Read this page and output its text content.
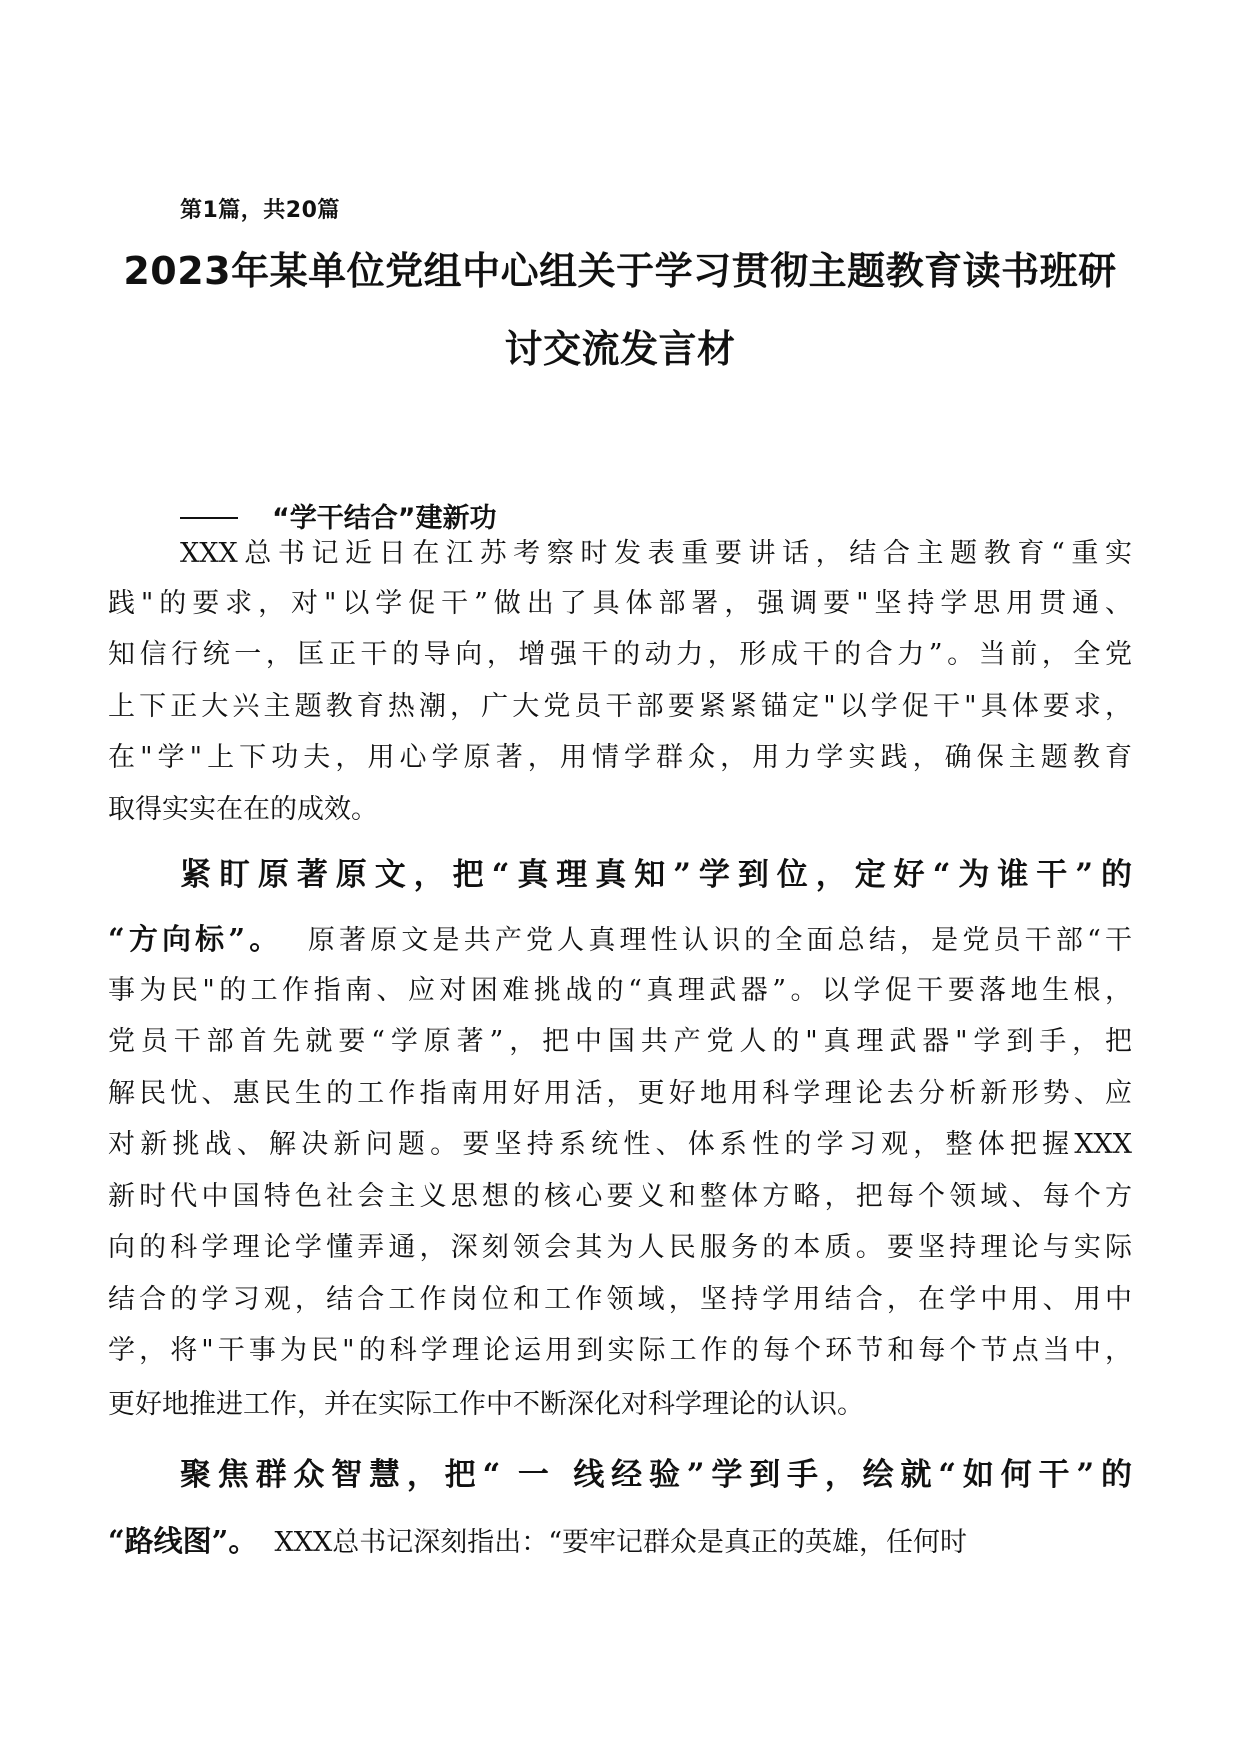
第1篇，共20篇
2023年某单位党组中心组关于学习贯彻主题教育读书班研
讨交流发言材
“学干结合”建新功
XXX总书记近日在江苏考察时发表重要讲话，结合主题教育“重实
践"的要求，对"以学促干”做出了具体部署，强调要"坚持学思用贯通、
知信行统一，匡正干的导向，增强干的动力，形成干的合力”。当前，全党
上下正大兴主题教育热潮，广大党员干部要紧紧锚定"以学促干"具体要求，
在"学"上下功夫，用心学原著，用情学群众，用力学实践，确保主题教育
取得实实在在的成效。
紧盯原著原文，把“真理真知”学到位，定好“为谁干”的
“方向标”。 原著原文是共产党人真理性认识的全面总结，是党员干部“干
事为民"的工作指南、应对困难挑战的“真理武器”。以学促干要落地生根，
党员干部首先就要“学原著”，把中国共产党人的"真理武器"学到手，把
解民忧、惠民生的工作指南用好用活，更好地用科学理论去分析新形势、应
对新挑战、解决新问题。要坚持系统性、体系性的学习观，整体把握XXX
新时代中国特色社会主义思想的核心要义和整体方略，把每个领域、每个方
向的科学理论学懂弄通，深刻领会其为人民服务的本质。要坚持理论与实际
结合的学习观，结合工作岗位和工作领域，坚持学用结合，在学中用、用中
学，将"干事为民"的科学理论运用到实际工作的每个环节和每个节点当中，
更好地推进工作，并在实际工作中不断深化对科学理论的认识。
聚焦群众智慧，把“ 一 线经验”学到手，绘就“如何干”的
“路线图”。 XXX总书记深刻指出：“要牢记群众是真正的英雄，任何时
